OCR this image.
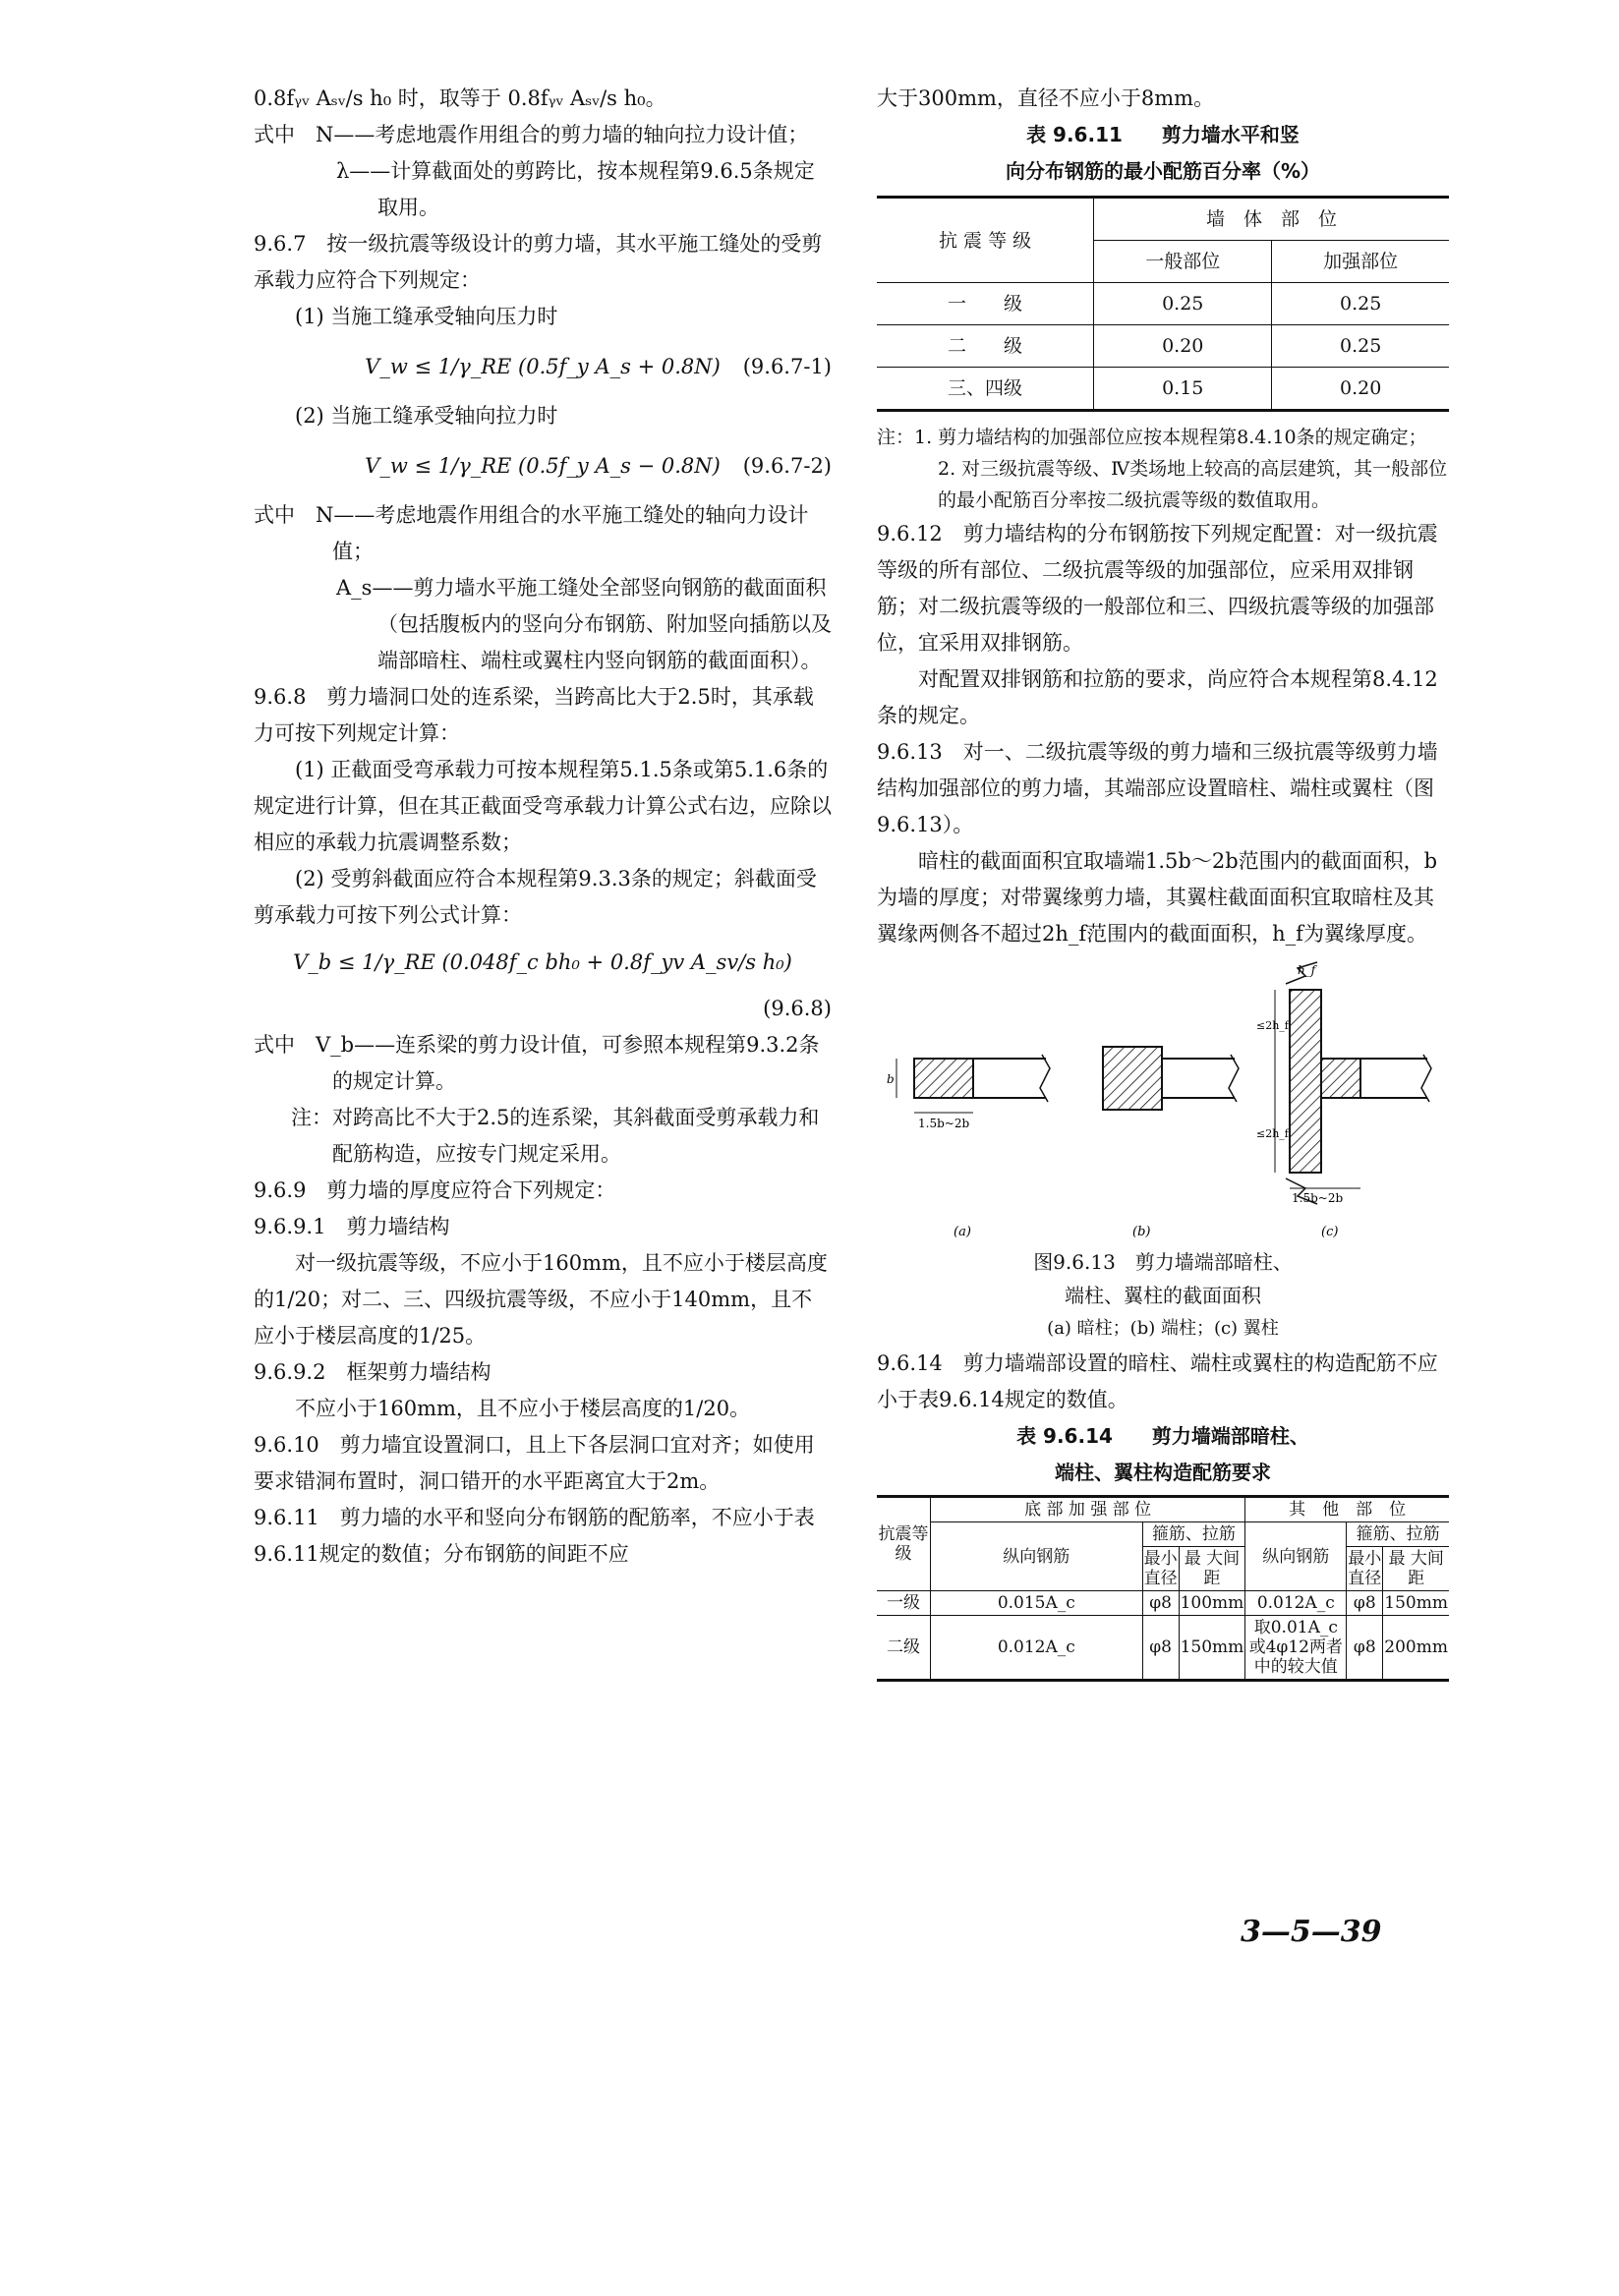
0.8fᵧᵥ Aₛᵥ/s h₀ 时，取等于 0.8fᵧᵥ Aₛᵥ/s h₀。

式中　N——考虑地震作用组合的剪力墙的轴向拉力设计值；

λ——计算截面处的剪跨比，按本规程第9.6.5条规定取用。

9.6.7　按一级抗震等级设计的剪力墙，其水平施工缝处的受剪承载力应符合下列规定：

(1) 当施工缝承受轴向压力时

V_w ≤ 1/γ_RE (0.5f_y A_s + 0.8N) (9.6.7-1)

(2) 当施工缝承受轴向拉力时

V_w ≤ 1/γ_RE (0.5f_y A_s − 0.8N) (9.6.7-2)

式中　N——考虑地震作用组合的水平施工缝处的轴向力设计值；

A_s——剪力墙水平施工缝处全部竖向钢筋的截面面积（包括腹板内的竖向分布钢筋、附加竖向插筋以及端部暗柱、端柱或翼柱内竖向钢筋的截面面积）。

9.6.8　剪力墙洞口处的连系梁，当跨高比大于2.5时，其承载力可按下列规定计算：

(1) 正截面受弯承载力可按本规程第5.1.5条或第5.1.6条的规定进行计算，但在其正截面受弯承载力计算公式右边，应除以相应的承载力抗震调整系数；

(2) 受剪斜截面应符合本规程第9.3.3条的规定；斜截面受剪承载力可按下列公式计算：

V_b ≤ 1/γ_RE (0.048f_c bh₀ + 0.8f_yv A_sv/s h₀)

(9.6.8)

式中　V_b——连系梁的剪力设计值，可参照本规程第9.3.2条的规定计算。

注：对跨高比不大于2.5的连系梁，其斜截面受剪承载力和配筋构造，应按专门规定采用。

9.6.9　剪力墙的厚度应符合下列规定：

9.6.9.1　剪力墙结构

对一级抗震等级，不应小于160mm，且不应小于楼层高度的1/20；对二、三、四级抗震等级，不应小于140mm，且不应小于楼层高度的1/25。

9.6.9.2　框架剪力墙结构

不应小于160mm，且不应小于楼层高度的1/20。

9.6.10　剪力墙宜设置洞口，且上下各层洞口宜对齐；如使用要求错洞布置时，洞口错开的水平距离宜大于2m。

9.6.11　剪力墙的水平和竖向分布钢筋的配筋率，不应小于表9.6.11规定的数值；分布钢筋的间距不应

大于300mm，直径不应小于8mm。

表 9.6.11　　剪力墙水平和竖

向分布钢筋的最小配筋百分率（%）

抗 震 等 级	墙　体　部　位	
	一般部位	加强部位
一　　级	0.25	0.25
二　　级	0.20	0.25
三、四级	0.15	0.20

注：1. 剪力墙结构的加强部位应按本规程第8.4.10条的规定确定；

2. 对三级抗震等级、Ⅳ类场地上较高的高层建筑，其一般部位的最小配筋百分率按二级抗震等级的数值取用。

9.6.12　剪力墙结构的分布钢筋按下列规定配置：对一级抗震等级的所有部位、二级抗震等级的加强部位，应采用双排钢筋；对二级抗震等级的一般部位和三、四级抗震等级的加强部位，宜采用双排钢筋。

对配置双排钢筋和拉筋的要求，尚应符合本规程第8.4.12条的规定。

9.6.13　对一、二级抗震等级的剪力墙和三级抗震等级剪力墙结构加强部位的剪力墙，其端部应设置暗柱、端柱或翼柱（图9.6.13）。

暗柱的截面面积宜取墙端1.5b～2b范围内的截面面积，b为墙的厚度；对带翼缘剪力墙，其翼柱截面面积宜取暗柱及其翼缘两侧各不超过2h_f范围内的截面面积，h_f为翼缘厚度。

b
1.5b~2b
(a)	(b)
h_f
≤2h_f
≤2h_f
1.5b~2b
(c)

图9.6.13　剪力墙端部暗柱、

端柱、翼柱的截面面积

(a) 暗柱；(b) 端柱；(c) 翼柱

9.6.14　剪力墙端部设置的暗柱、端柱或翼柱的构造配筋不应小于表9.6.14规定的数值。

表 9.6.14　　剪力墙端部暗柱、

端柱、翼柱构造配筋要求

抗震等级	底 部 加 强 部 位			其　他　部　位		
	纵向钢筋	箍筋、拉筋		纵向钢筋	箍筋、拉筋	
		最小直径	最 大间 距		最小直径	最 大间 距
一级	0.015A_c	φ8	100mm	0.012A_c	φ8	150mm
二级	0.012A_c	φ8	150mm	取0.01A_c或4φ12两者中的较大值	φ8	200mm
3—5—39
